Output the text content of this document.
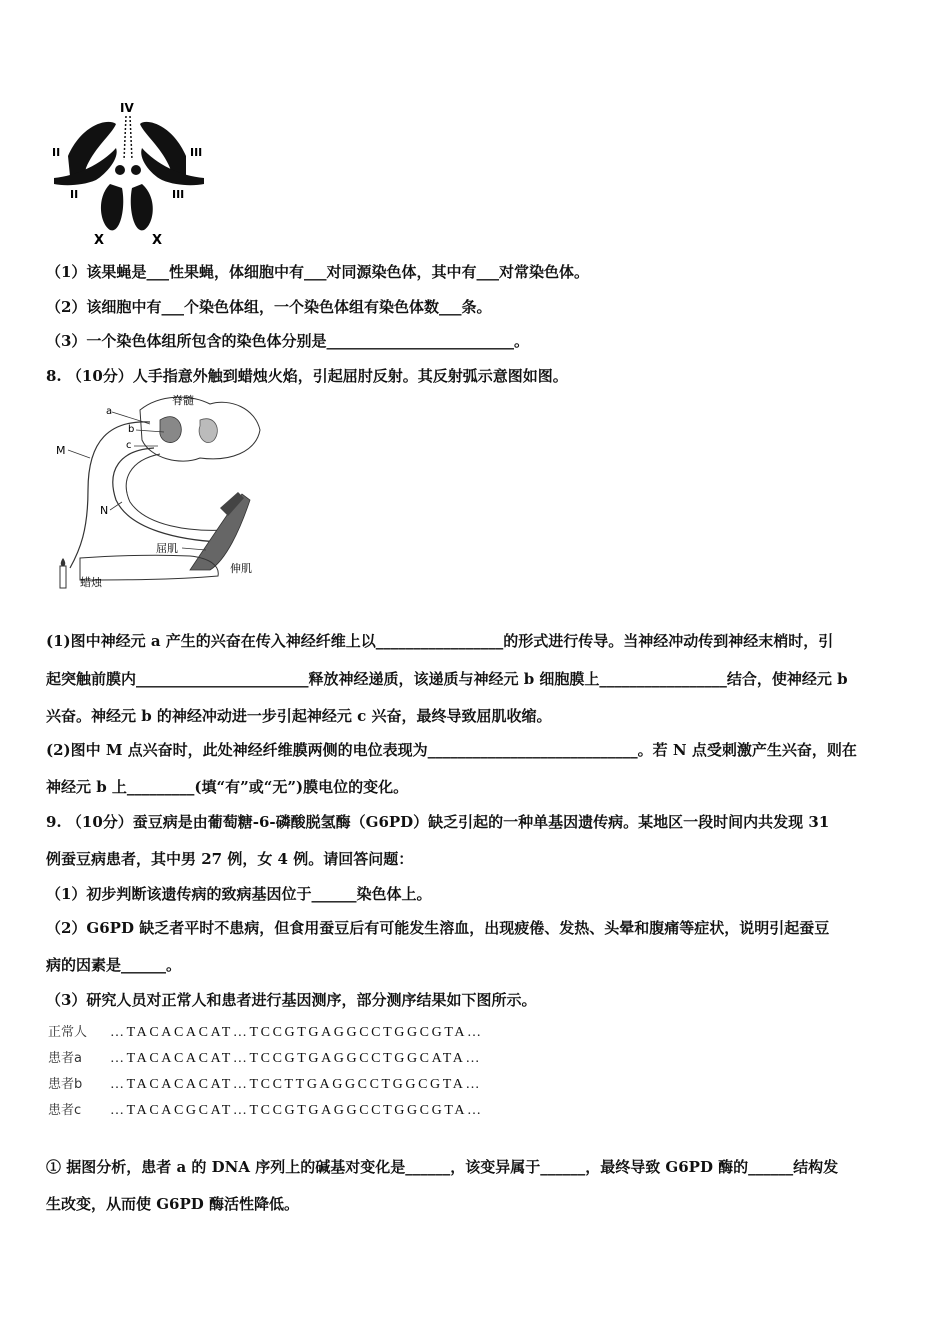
IV
II	III
II	III
X	X
（1）该果蝇是___性果蝇，体细胞中有___对同源染色体，其中有___对常染色体。
（2）该细胞中有___个染色体组，一个染色体组有染色体数___条。
（3）一个染色体组所包含的染色体分别是_________________________。
8. （10分）人手指意外触到蜡烛火焰，引起屈肘反射。其反射弧示意图如图。
脊髓
a
b
c
M
N
屈肌
伸肌
蜡烛
(1)图中神经元 a 产生的兴奋在传入神经纤维上以_________________的形式进行传导。当神经冲动传到神经末梢时，引
起突触前膜内_______________________释放神经递质，该递质与神经元 b 细胞膜上_________________结合，使神经元 b
兴奋。神经元 b 的神经冲动进一步引起神经元 c 兴奋，最终导致屈肌收缩。
(2)图中 M 点兴奋时，此处神经纤维膜两侧的电位表现为____________________________。若 N 点受刺激产生兴奋，则在
神经元 b 上_________(填“有”或“无”)膜电位的变化。
9. （10分）蚕豆病是由葡萄糖-6-磷酸脱氢酶（G6PD）缺乏引起的一种单基因遗传病。某地区一段时间内共发现 31
例蚕豆病患者，其中男 27 例，女 4 例。请回答问题：
（1）初步判断该遗传病的致病基因位于______染色体上。
（2）G6PD 缺乏者平时不患病，但食用蚕豆后有可能发生溶血，出现疲倦、发热、头晕和腹痛等症状，说明引起蚕豆
病的因素是______。
（3）研究人员对正常人和患者进行基因测序，部分测序结果如下图所示。
正常人 …TACACACAT…TCCGTGAGGCCTGGCGTA…
患者a …TACACACAT…TCCGTGAGGCCTGGCATA…
患者b …TACACACAT…TCCTTGAGGCCTGGCGTA…
患者c …TACACGCAT…TCCGTGAGGCCTGGCGTA…
① 据图分析，患者 a 的 DNA 序列上的碱基对变化是______，该变异属于______，最终导致 G6PD 酶的______结构发
生改变，从而使 G6PD 酶活性降低。
